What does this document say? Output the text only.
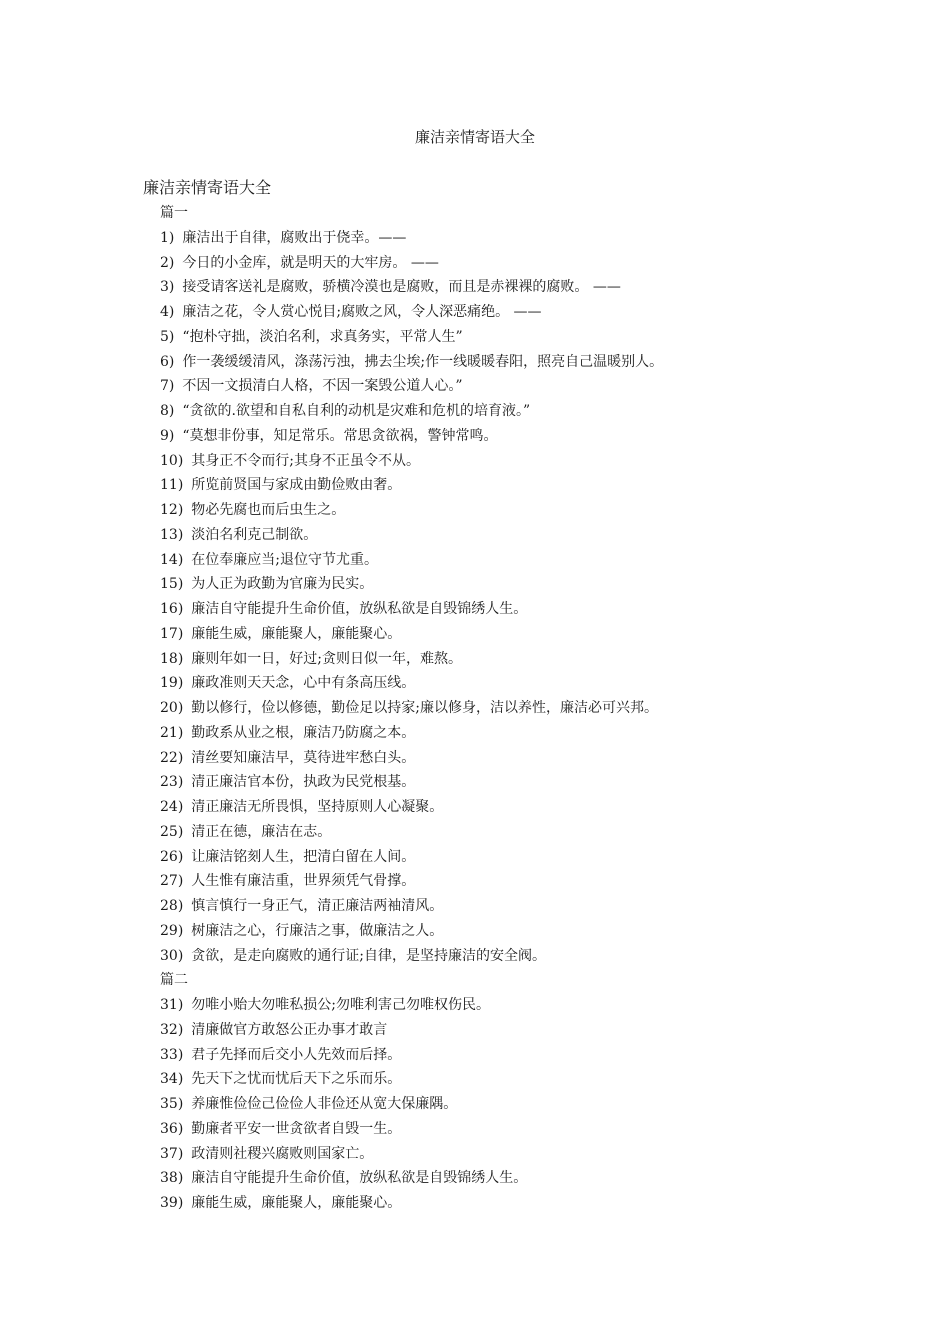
廉洁亲情寄语大全
廉洁亲情寄语大全
篇一
1) 廉洁出于自律，腐败出于侥幸。——
2) 今日的小金库，就是明天的大牢房。 ——
3) 接受请客送礼是腐败，骄横冷漠也是腐败，而且是赤裸裸的腐败。 ——
4) 廉洁之花，令人赏心悦目;腐败之风，令人深恶痛绝。 ——
5) “抱朴守拙，淡泊名利，求真务实，平常人生”
6) 作一袭缓缓清风，涤荡污浊，拂去尘埃;作一线暖暖春阳，照亮自己温暖别人。
7) 不因一文损清白人格，不因一案毁公道人心。”
8) “贪欲的.欲望和自私自利的动机是灾难和危机的培育液。”
9) “莫想非份事，知足常乐。常思贪欲祸，警钟常鸣。
10) 其身正不令而行;其身不正虽令不从。
11) 所览前贤国与家成由勤俭败由奢。
12) 物必先腐也而后虫生之。
13) 淡泊名利克己制欲。
14) 在位奉廉应当;退位守节尤重。
15) 为人正为政勤为官廉为民实。
16) 廉洁自守能提升生命价值，放纵私欲是自毁锦绣人生。
17) 廉能生威，廉能聚人，廉能聚心。
18) 廉则年如一日，好过;贪则日似一年，难熬。
19) 廉政准则天天念，心中有条高压线。
20) 勤以修行，俭以修德，勤俭足以持家;廉以修身，洁以养性，廉洁必可兴邦。
21) 勤政系从业之根，廉洁乃防腐之本。
22) 清丝要知廉洁早，莫待进牢愁白头。
23) 清正廉洁官本份，执政为民党根基。
24) 清正廉洁无所畏惧，坚持原则人心凝聚。
25) 清正在德，廉洁在志。
26) 让廉洁铭刻人生，把清白留在人间。
27) 人生惟有廉洁重，世界须凭气骨撑。
28) 慎言慎行一身正气，清正廉洁两袖清风。
29) 树廉洁之心，行廉洁之事，做廉洁之人。
30) 贪欲，是走向腐败的通行证;自律，是坚持廉洁的安全阀。
篇二
31) 勿唯小贻大勿唯私损公;勿唯利害己勿唯权伤民。
32) 清廉做官方敢怒公正办事才敢言
33) 君子先择而后交小人先效而后择。
34) 先天下之忧而忧后天下之乐而乐。
35) 养廉惟俭俭己俭俭人非俭还从宽大保廉隅。
36) 勤廉者平安一世贪欲者自毁一生。
37) 政清则社稷兴腐败则国家亡。
38) 廉洁自守能提升生命价值，放纵私欲是自毁锦绣人生。
39) 廉能生威，廉能聚人，廉能聚心。
